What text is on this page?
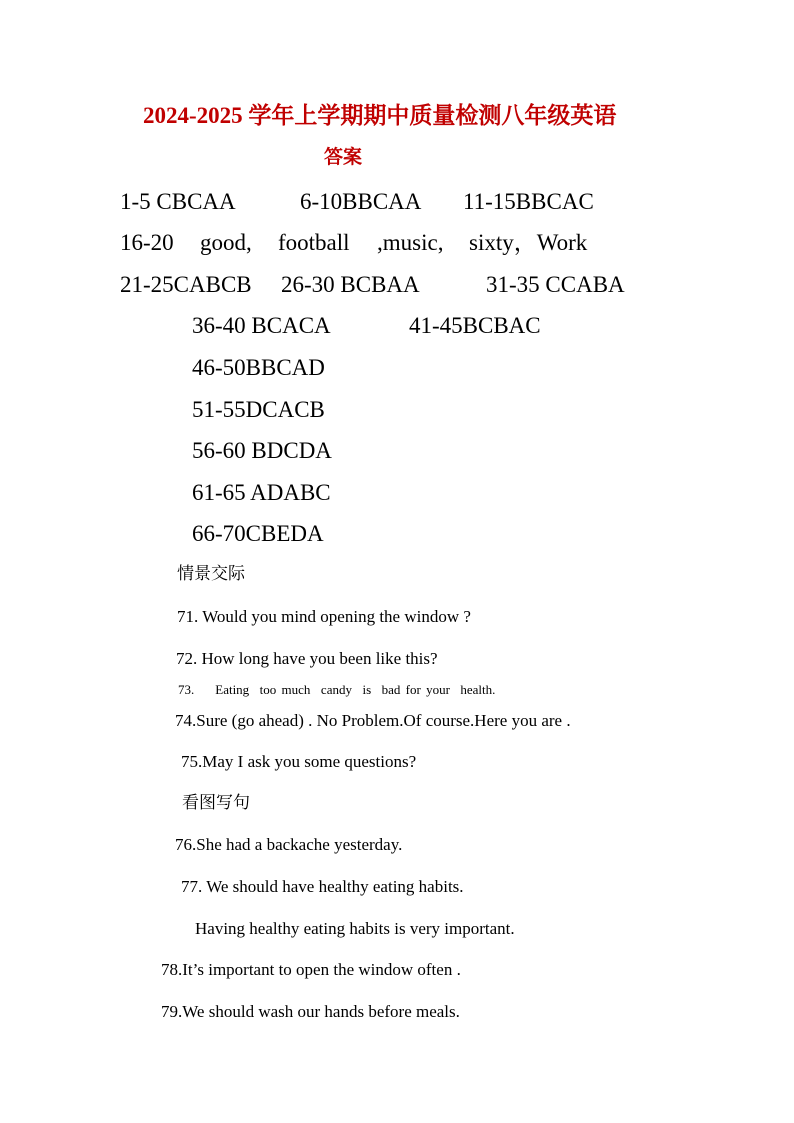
2024-2025 学年上学期期中质量检测八年级英语
答案
1-5 CBCAA	6-10BBCAA 11-15BBCAC
16-20 good, football ,music, sixty，Work
21-25CABCB 26-30 BCBAA	31-35 CCABA
36-40 BCACA	41-45BCBAC
46-50BBCAD
51-55DCACB
56-60 BDCDA
61-65 ADABC
66-70CBEDA
情景交际
71. Would you mind opening the window ?
72. How long have you been like this?
73.    Eating  too much  candy  is  bad for your  health.
74.Sure (go ahead) . No Problem.Of course.Here you are .
75.May I ask you some questions?
看图写句
76.She had a backache yesterday.
77. We should have healthy eating habits.
Having healthy eating habits is very important.
78.It’s important to open the window often .
79.We should wash our hands before meals.
